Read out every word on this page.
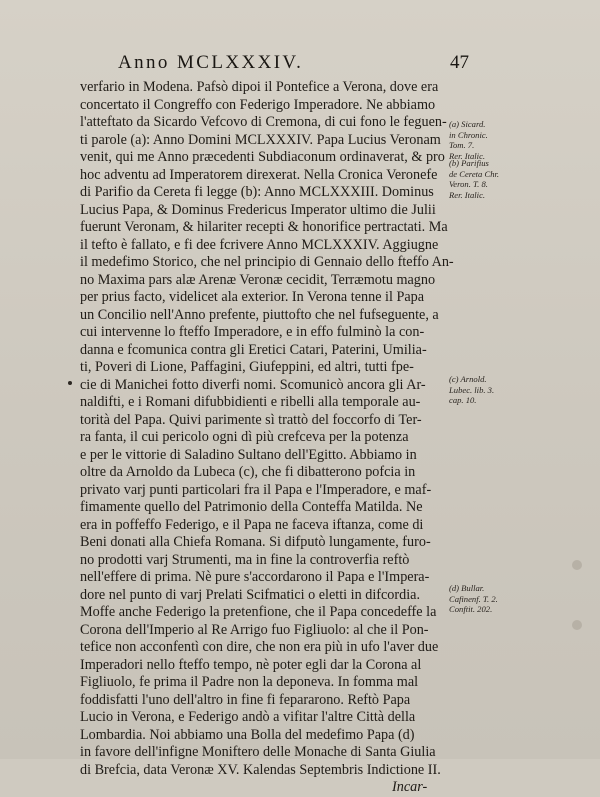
Anno MCLXXXIV.	47
verfario in Modena. Pafsò dipoi il Pontefice a Verona, dove era
concertato il Congreffo con Federigo Imperadore. Ne abbiamo
l'atteftato da Sicardo Vefcovo di Cremona, di cui fono le feguen-
ti parole (a): Anno Domini MCLXXXIV. Papa Lucius Veronam
venit, qui me Anno præcedenti Subdiaconum ordinaverat, & pro
hoc adventu ad Imperatorem direxerat. Nella Cronica Veronefe
di Parifio da Cereta fi legge (b): Anno MCLXXXIII. Dominus
Lucius Papa, & Dominus Fredericus Imperator ultimo die Julii
fuerunt Veronam, & hilariter recepti & honorifice pertractati. Ma
il tefto è fallato, e fi dee fcrivere Anno MCLXXXIV. Aggiugne
il medefimo Storico, che nel principio di Gennaio dello fteffo An-
no Maxima pars alæ Arenæ Veronæ cecidit, Terræmotu magno
per prius facto, videlicet ala exterior. In Verona tenne il Papa
un Concilio nell'Anno prefente, piuttofto che nel fufseguente, a
cui intervenne lo fteffo Imperadore, e in effo fulminò la con-
danna e fcomunica contra gli Eretici Catari, Paterini, Umilia-
ti, Poveri di Lione, Paffagini, Giufeppini, ed altri, tutti fpe-
cie di Manichei fotto diverfi nomi. Scomunicò ancora gli Ar-
naldifti, e i Romani difubbidienti e ribelli alla temporale au-
torità del Papa. Quivi parimente sì trattò del foccorfo di Ter-
ra fanta, il cui pericolo ogni dì più crefceva per la potenza
e per le vittorie di Saladino Sultano dell'Egitto. Abbiamo in
oltre da Arnoldo da Lubeca (c), che fi dibatterono pofcia in
privato varj punti particolari fra il Papa e l'Imperadore, e maf-
fimamente quello del Patrimonio della Conteffa Matilda. Ne
era in poffeffo Federigo, e il Papa ne faceva iftanza, come di
Beni donati alla Chiefa Romana. Si difputò lungamente, furo-
no prodotti varj Strumenti, ma in fine la controverfia reftò
nell'effere di prima. Nè pure s'accordarono il Papa e l'Impera-
dore nel punto di varj Prelati Scifmatici o eletti in difcordia.
Moffe anche Federigo la pretenfione, che il Papa concedeffe la
Corona dell'Imperio al Re Arrigo fuo Figliuolo: al che il Pon-
tefice non acconfentì con dire, che non era più in ufo l'aver due
Imperadori nello fteffo tempo, nè poter egli dar la Corona al
Figliuolo, fe prima il Padre non la deponeva. In fomma mal
foddisfatti l'uno dell'altro in fine fi fepararono. Reftò Papa
Lucio in Verona, e Federigo andò a vifitar l'altre Città della
Lombardia. Noi abbiamo una Bolla del medefimo Papa (d)
in favore dell'infigne Moniftero delle Monache di Santa Giulia
di Brefcia, data Veronæ XV. Kalendas Septembris Indictione II.
Incar-
(a) Sicard.
in Chronic.
Tom. 7.
Rer. Italic.
(b) Parifius
de Cereta Chr.
Veron. T. 8.
Rer. Italic.
(c) Arnold.
Lubec. lib. 3.
cap. 10.
(d) Bullar.
Cafinenf. T. 2.
Conftit. 202.
